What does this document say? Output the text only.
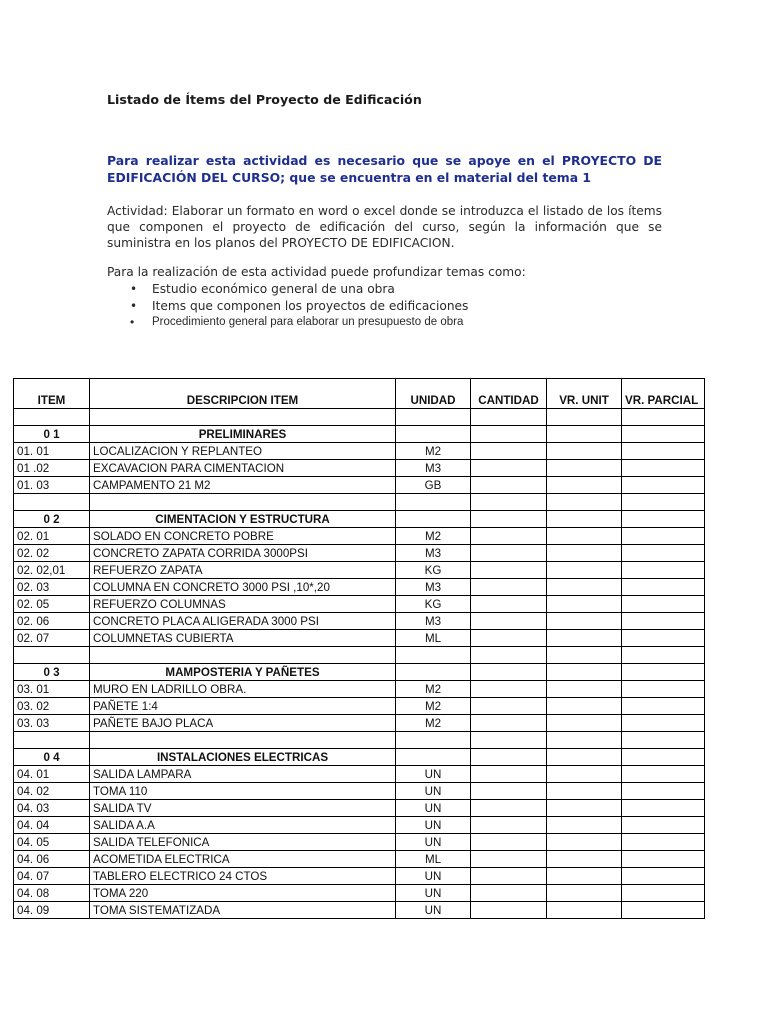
Listado de Ítems del Proyecto de Edificación
Para realizar esta actividad es necesario que se apoye en el PROYECTO DE EDIFICACIÓN DEL CURSO; que se encuentra en el material del tema 1
Actividad: Elaborar un formato en word o excel donde se introduzca el listado de los ítems que componen el proyecto de edificación del curso, según la información que se suministra en los planos del PROYECTO DE EDIFICACION.
Para la realización de esta actividad puede profundizar temas como:
• Estudio económico general de una obra
• Items que componen los proyectos de edificaciones
• Procedimiento general para elaborar un presupuesto de obra
ITEM	DESCRIPCION ITEM	UNIDAD	CANTIDAD	VR. UNIT	VR. PARCIAL

0 1	PRELIMINARES				
01. 01	LOCALIZACION Y REPLANTEO	M2			
01 .02	EXCAVACION PARA CIMENTACION	M3			
01. 03	CAMPAMENTO 21 M2	GB			

0 2	CIMENTACION Y ESTRUCTURA				
02. 01	SOLADO EN CONCRETO POBRE	M2			
02. 02	CONCRETO ZAPATA CORRIDA 3000PSI	M3			
02. 02,01	REFUERZO ZAPATA	KG			
02. 03	COLUMNA EN CONCRETO 3000 PSI ,10*,20	M3			
02. 05	REFUERZO COLUMNAS	KG			
02. 06	CONCRETO PLACA ALIGERADA 3000 PSI	M3			
02. 07	COLUMNETAS CUBIERTA	ML			

0 3	MAMPOSTERIA Y PAÑETES				
03. 01	MURO EN LADRILLO OBRA.	M2			
03. 02	PAÑETE 1:4	M2			
03. 03	PAÑETE BAJO PLACA	M2			

0 4	INSTALACIONES ELECTRICAS				
04. 01	SALIDA LAMPARA	UN			
04. 02	TOMA 110	UN			
04. 03	SALIDA TV	UN			
04. 04	SALIDA A.A	UN			
04. 05	SALIDA TELEFONICA	UN			
04. 06	ACOMETIDA ELECTRICA	ML			
04. 07	TABLERO ELECTRICO 24 CTOS	UN			
04. 08	TOMA 220	UN			
04. 09	TOMA SISTEMATIZADA	UN			
